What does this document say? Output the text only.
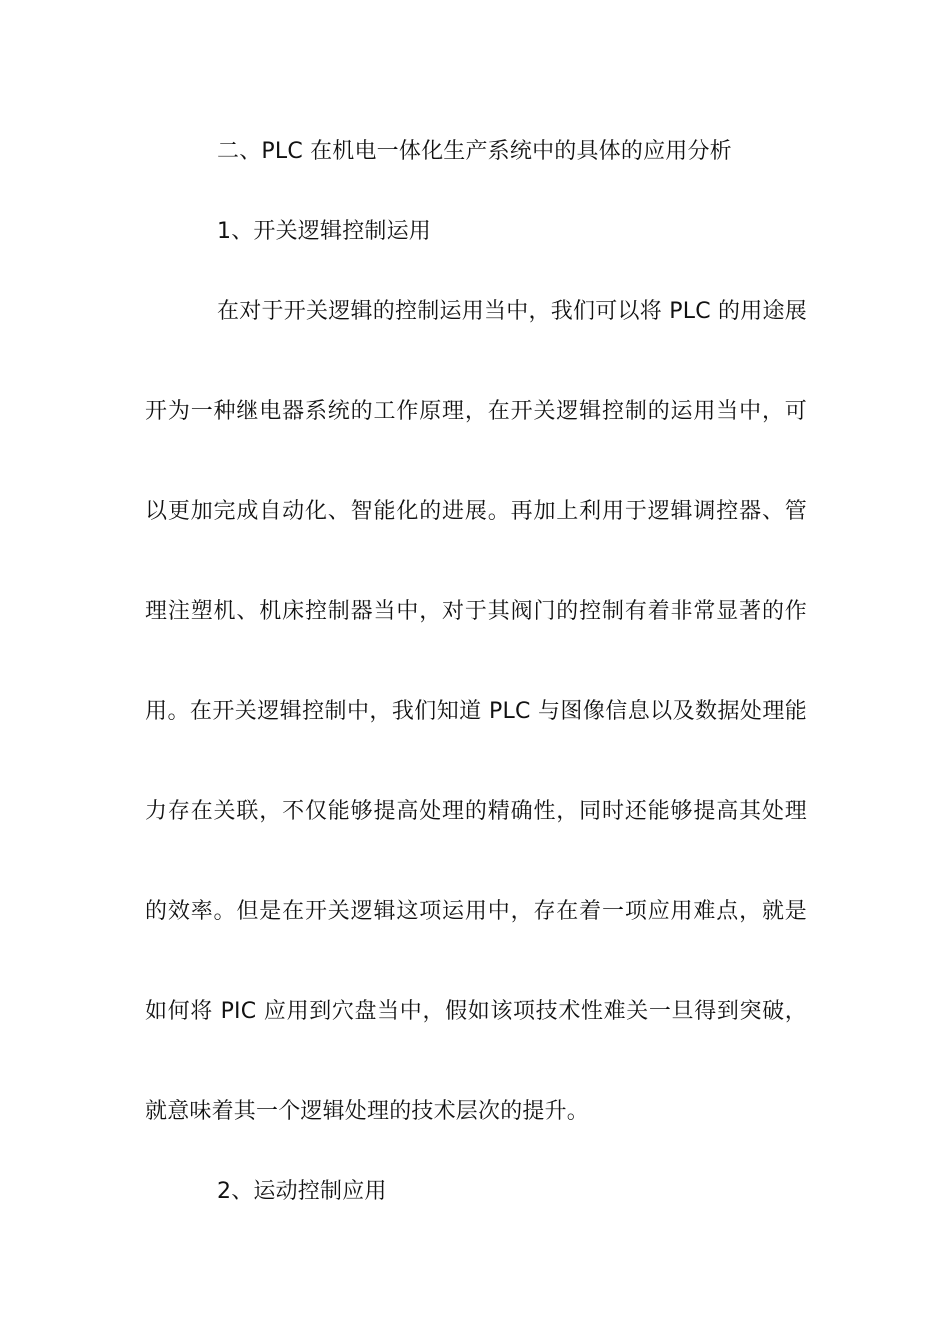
二、PLC 在机电一体化生产系统中的具体的应用分析
1、开关逻辑控制运用
在对于开关逻辑的控制运用当中，我们可以将 PLC 的用途展
开为一种继电器系统的工作原理，在开关逻辑控制的运用当中，可
以更加完成自动化、智能化的进展。再加上利用于逻辑调控器、管
理注塑机、机床控制器当中，对于其阀门的控制有着非常显著的作
用。在开关逻辑控制中，我们知道 PLC 与图像信息以及数据处理能
力存在关联，不仅能够提高处理的精确性，同时还能够提高其处理
的效率。但是在开关逻辑这项运用中，存在着一项应用难点，就是
如何将 PIC 应用到穴盘当中，假如该项技术性难关一旦得到突破，
就意味着其一个逻辑处理的技术层次的提升。
2、运动控制应用
